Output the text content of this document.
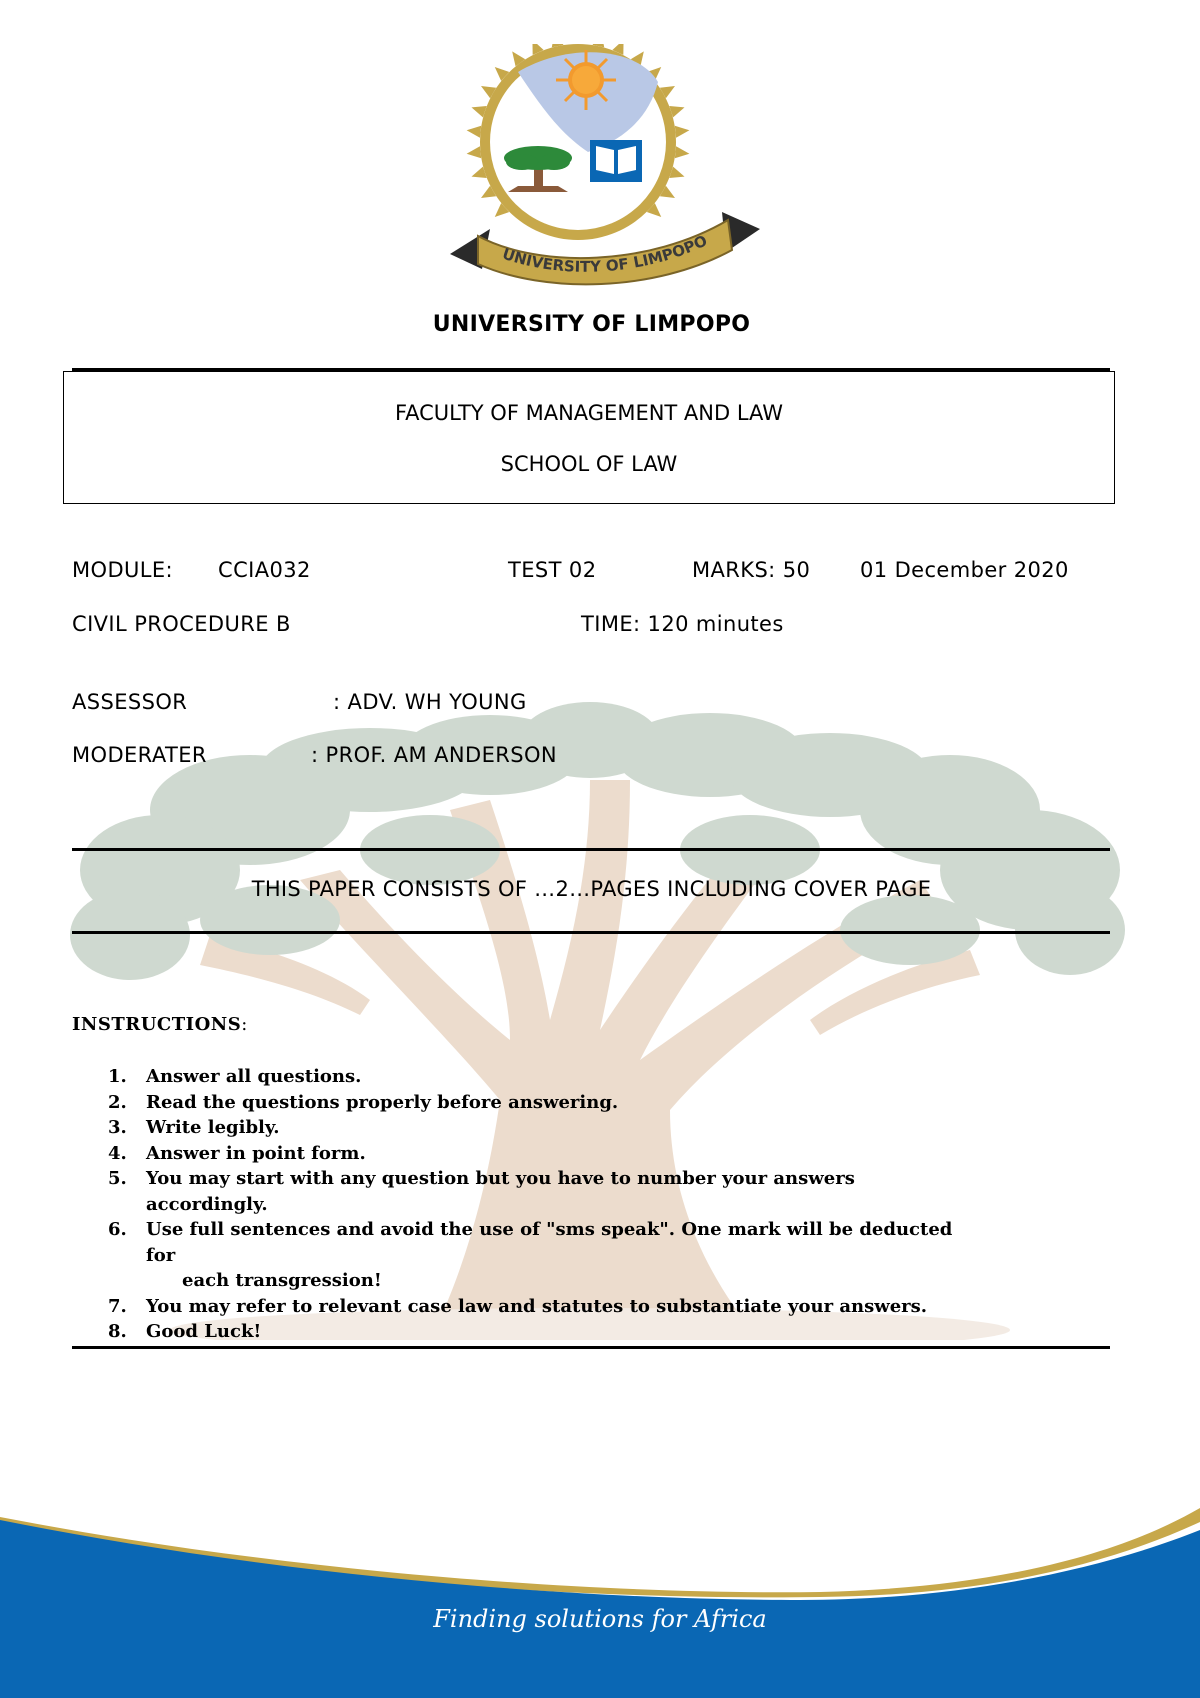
UNIVERSITY OF LIMPOPO
UNIVERSITY OF LIMPOPO
FACULTY OF MANAGEMENT AND LAW
SCHOOL OF LAW
MODULE: CCIA032	TEST 02	MARKS: 50 01 December 2020
CIVIL PROCEDURE B	TIME: 120 minutes
ASSESSOR	: ADV. WH YOUNG
MODERATER	: PROF. AM ANDERSON
THIS PAPER CONSISTS OF …2…PAGES INCLUDING COVER PAGE
INSTRUCTIONS:
1. Answer all questions.
2. Read the questions properly before answering.
3. Write legibly.
4. Answer in point form.
5. You may start with any question but you have to number your answers accordingly.
6. Use full sentences and avoid the use of "sms speak". One mark will be deducted for
each transgression!
7. You may refer to relevant case law and statutes to substantiate your answers.
8. Good Luck!
Finding solutions for Africa
